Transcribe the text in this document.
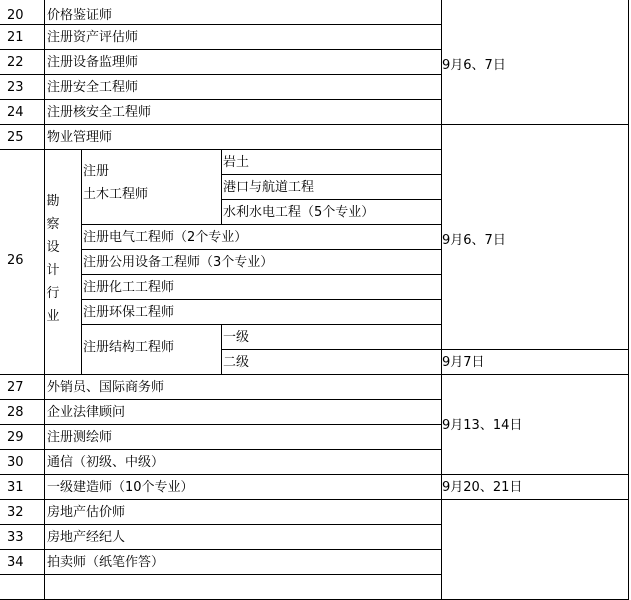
20
21
22
23
24
25
26
27
28
29
30
31
32
33
34
价格鉴证师
注册资产评估师
注册设备监理师
注册安全工程师
注册核安全工程师
物业管理师
勘察设计行业
注册
土木工程师
岩土
港口与航道工程
水利水电工程（5个专业）
注册电气工程师（2个专业）
注册公用设备工程师（3个专业）
注册化工工程师
注册环保工程师
注册结构工程师
一级
二级
外销员、国际商务师
企业法律顾问
注册测绘师
通信（初级、中级）
一级建造师（10个专业）
房地产估价师
房地产经纪人
拍卖师（纸笔作答）
9月6、7日
9月6、7日
9月7日
9月13、14日
9月20、21日
